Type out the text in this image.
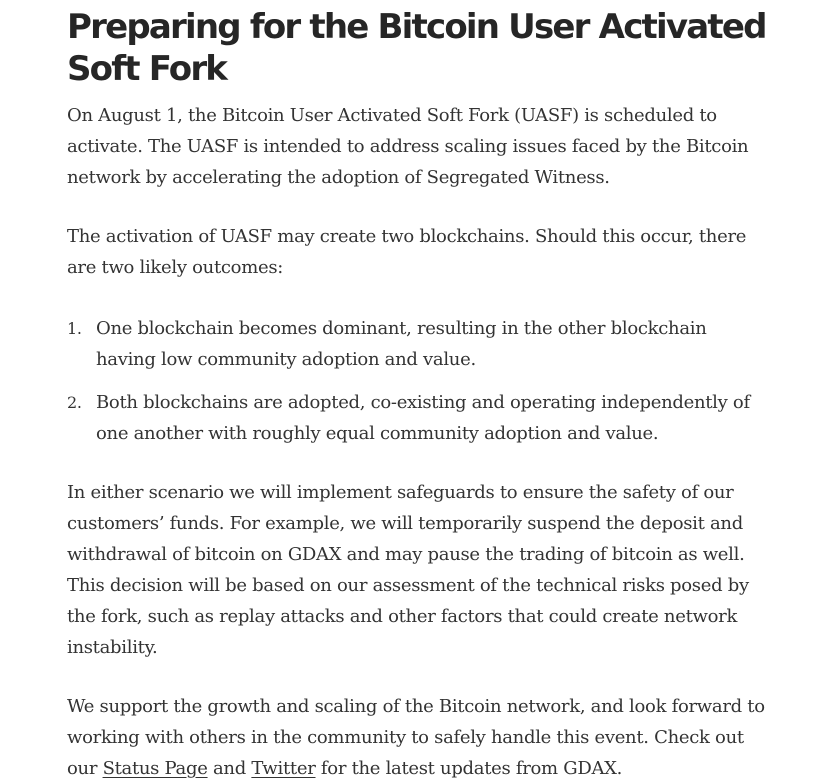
Preparing for the Bitcoin User Activated Soft Fork

On August 1, the Bitcoin User Activated Soft Fork (UASF) is scheduled to activate. The UASF is intended to address scaling issues faced by the Bitcoin network by accelerating the adoption of Segregated Witness.

The activation of UASF may create two blockchains. Should this occur, there are two likely outcomes:

1. One blockchain becomes dominant, resulting in the other blockchain having low community adoption and value.
2. Both blockchains are adopted, co-existing and operating independently of one another with roughly equal community adoption and value.

In either scenario we will implement safeguards to ensure the safety of our customers’ funds. For example, we will temporarily suspend the deposit and withdrawal of bitcoin on GDAX and may pause the trading of bitcoin as well. This decision will be based on our assessment of the technical risks posed by the fork, such as replay attacks and other factors that could create network instability.

We support the growth and scaling of the Bitcoin network, and look forward to working with others in the community to safely handle this event. Check out our Status Page and Twitter for the latest updates from GDAX.
